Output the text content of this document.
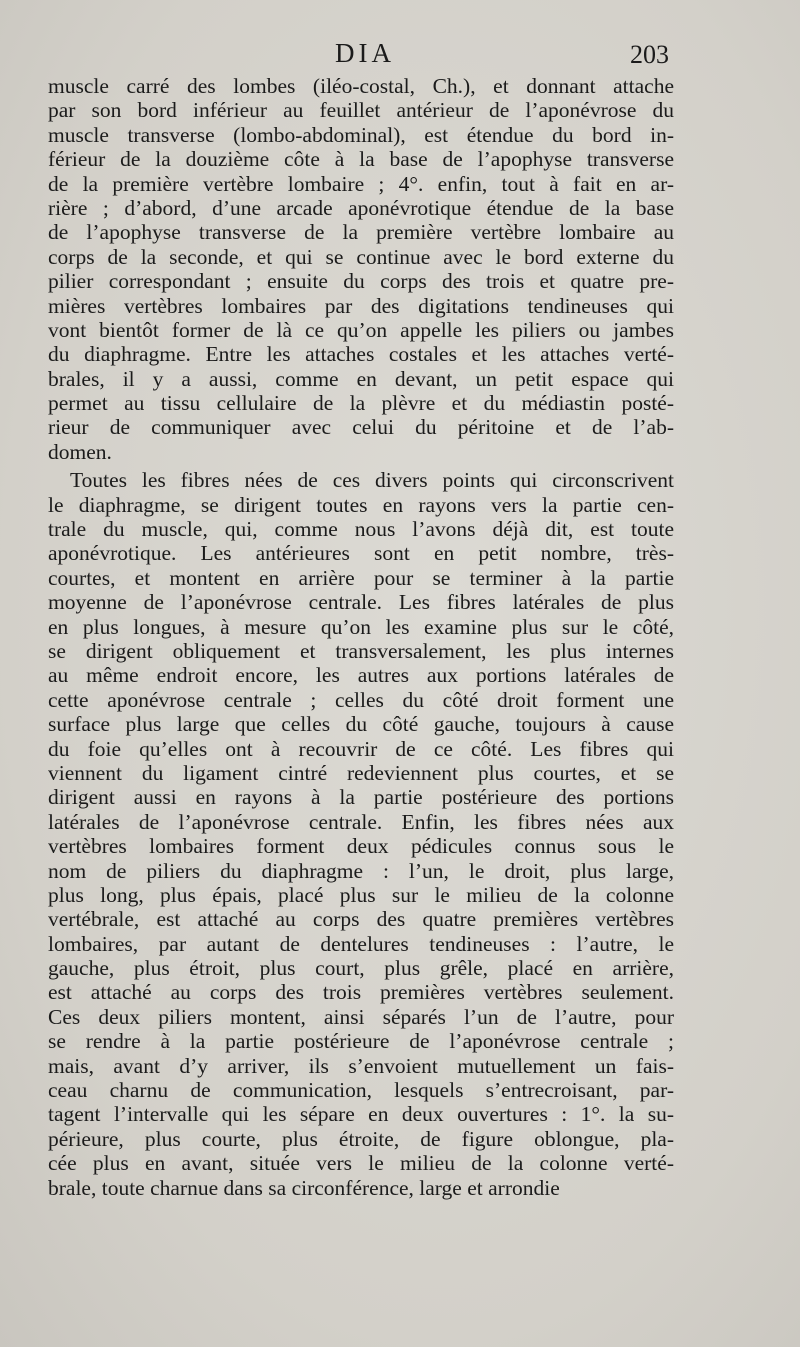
DIA	203
muscle carré des lombes (iléo-costal, Ch.), et donnant attache
par son bord inférieur au feuillet antérieur de l’aponévrose du
muscle transverse (lombo-abdominal), est étendue du bord in-
férieur de la douzième côte à la base de l’apophyse transverse
de la première vertèbre lombaire ; 4°. enfin, tout à fait en ar-
rière ; d’abord, d’une arcade aponévrotique étendue de la base
de l’apophyse transverse de la première vertèbre lombaire au
corps de la seconde, et qui se continue avec le bord externe du
pilier correspondant ; ensuite du corps des trois et quatre pre-
mières vertèbres lombaires par des digitations tendineuses qui
vont bientôt former de là ce qu’on appelle les piliers ou jambes
du diaphragme. Entre les attaches costales et les attaches verté-
brales, il y a aussi, comme en devant, un petit espace qui
permet au tissu cellulaire de la plèvre et du médiastin posté-
rieur de communiquer avec celui du péritoine et de l’ab-
domen.
Toutes les fibres nées de ces divers points qui circonscrivent
le diaphragme, se dirigent toutes en rayons vers la partie cen-
trale du muscle, qui, comme nous l’avons déjà dit, est toute
aponévrotique. Les antérieures sont en petit nombre, très-
courtes, et montent en arrière pour se terminer à la partie
moyenne de l’aponévrose centrale. Les fibres latérales de plus
en plus longues, à mesure qu’on les examine plus sur le côté,
se dirigent obliquement et transversalement, les plus internes
au même endroit encore, les autres aux portions latérales de
cette aponévrose centrale ; celles du côté droit forment une
surface plus large que celles du côté gauche, toujours à cause
du foie qu’elles ont à recouvrir de ce côté. Les fibres qui
viennent du ligament cintré redeviennent plus courtes, et se
dirigent aussi en rayons à la partie postérieure des portions
latérales de l’aponévrose centrale. Enfin, les fibres nées aux
vertèbres lombaires forment deux pédicules connus sous le
nom de piliers du diaphragme : l’un, le droit, plus large,
plus long, plus épais, placé plus sur le milieu de la colonne
vertébrale, est attaché au corps des quatre premières vertèbres
lombaires, par autant de dentelures tendineuses : l’autre, le
gauche, plus étroit, plus court, plus grêle, placé en arrière,
est attaché au corps des trois premières vertèbres seulement.
Ces deux piliers montent, ainsi séparés l’un de l’autre, pour
se rendre à la partie postérieure de l’aponévrose centrale ;
mais, avant d’y arriver, ils s’envoient mutuellement un fais-
ceau charnu de communication, lesquels s’entrecroisant, par-
tagent l’intervalle qui les sépare en deux ouvertures : 1°. la su-
périeure, plus courte, plus étroite, de figure oblongue, pla-
cée plus en avant, située vers le milieu de la colonne verté-
brale, toute charnue dans sa circonférence, large et arrondie
